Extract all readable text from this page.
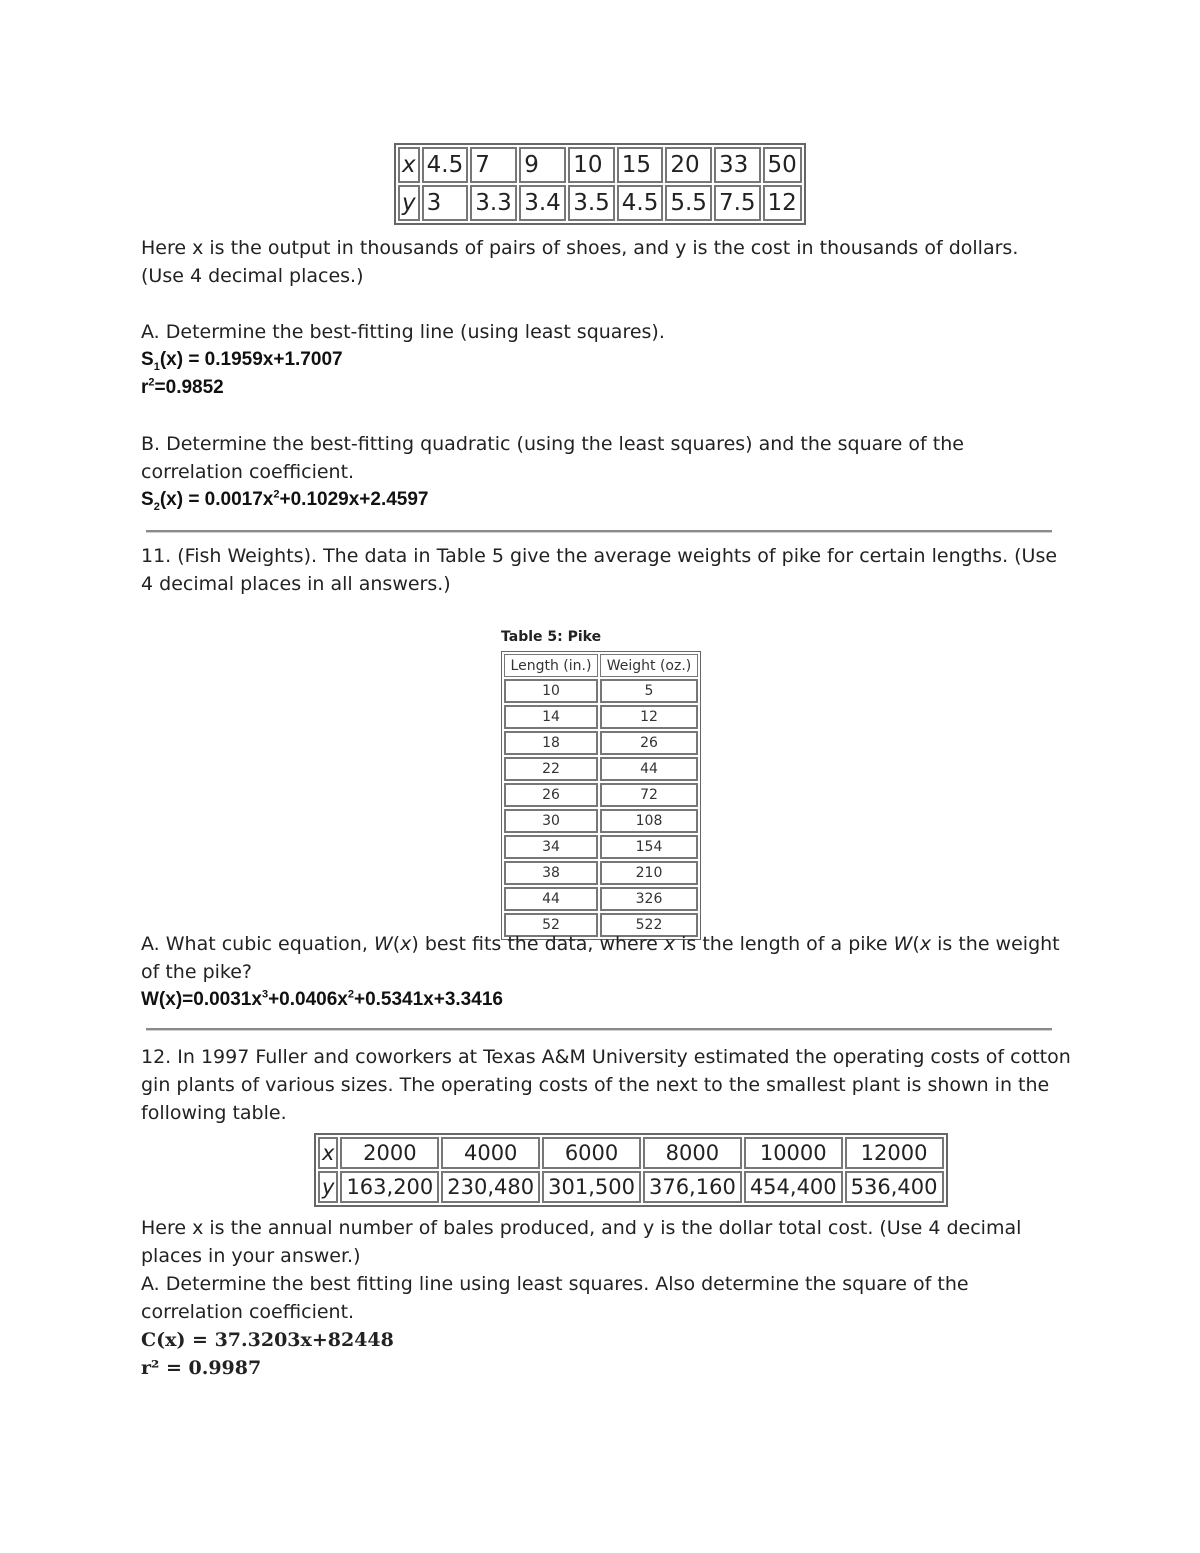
x	4.5	7	9	10	15	20	33	50
y	3	3.3	3.4	3.5	4.5	5.5	7.5	12
Here x is the output in thousands of pairs of shoes, and y is the cost in thousands of dollars.
(Use 4 decimal places.)
A. Determine the best-fitting line (using least squares).
$S_1(x) = 0.1959x+1.7007$
$r^2=0.9852$
B. Determine the best-fitting quadratic (using the least squares) and the square of the correlation coefficient.
$S_2(x) = 0.0017x^2+0.1029x+2.4597$
11. (Fish Weights). The data in Table 5 give the average weights of pike for certain lengths. (Use 4 decimal places in all answers.)
Table 5: Pike
Length (in.)	Weight (oz.)
10	5
14	12
18	26
22	44
26	72
30	108
34	154
38	210
44	326
52	522
A. What cubic equation, W(x) best fits the data, where x is the length of a pike W(x is the weight of the pike?
$W(x)=0.0031x^3+0.0406x^2+0.5341x+3.3416$
12. In 1997 Fuller and coworkers at Texas A&M University estimated the operating costs of cotton gin plants of various sizes. The operating costs of the next to the smallest plant is shown in the following table.
x	2000	4000	6000	8000	10000	12000
y	163,200	230,480	301,500	376,160	454,400	536,400
Here x is the annual number of bales produced, and y is the dollar total cost. (Use 4 decimal places in your answer.)
A. Determine the best fitting line using least squares. Also determine the square of the correlation coefficient.
C(x) = 37.3203x+82448
r² = 0.9987
